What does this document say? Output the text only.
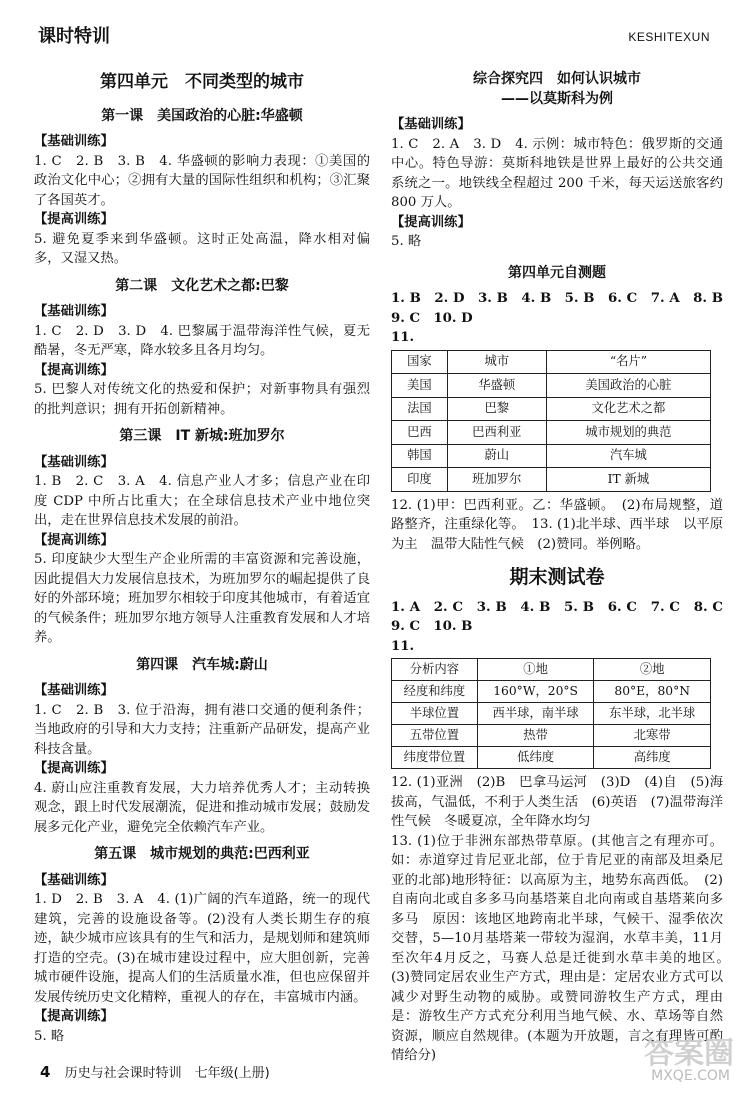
课时特训	KESHITEXUN
第四单元　不同类型的城市
第一课　美国政治的心脏:华盛顿

【基础训练】

1. C　2. B　3. B　4. 华盛顿的影响力表现：①美国的政治文化中心；②拥有大量的国际性组织和机构；③汇聚了各国英才。

【提高训练】

5. 避免夏季来到华盛顿。这时正处高温，降水相对偏多，又湿又热。

第二课　文化艺术之都:巴黎

【基础训练】

1. C　2. D　3. D　4. 巴黎属于温带海洋性气候，夏无酷暑，冬无严寒，降水较多且各月均匀。

【提高训练】

5. 巴黎人对传统文化的热爱和保护；对新事物具有强烈的批判意识；拥有开拓创新精神。

第三课　IT 新城:班加罗尔

【基础训练】

1. B　2. C　3. A　4. 信息产业人才多；信息产业在印度 CDP 中所占比重大；在全球信息技术产业中地位突出，走在世界信息技术发展的前沿。

【提高训练】

5. 印度缺少大型生产企业所需的丰富资源和完善设施，因此提倡大力发展信息技术，为班加罗尔的崛起提供了良好的外部环境；班加罗尔相较于印度其他城市，有着适宜的气候条件；班加罗尔地方领导人注重教育发展和人才培养。

第四课　汽车城:蔚山

【基础训练】

1. C　2. B　3. 位于沿海，拥有港口交通的便利条件；当地政府的引导和大力支持；注重新产品研发，提高产业科技含量。

【提高训练】

4. 蔚山应注重教育发展，大力培养优秀人才；主动转换观念，跟上时代发展潮流，促进和推动城市发展；鼓励发展多元化产业，避免完全依赖汽车产业。

第五课　城市规划的典范:巴西利亚

【基础训练】

1. D　2. B　3. A　4. (1)广阔的汽车道路，统一的现代建筑，完善的设施设备等。(2)没有人类长期生存的痕迹，缺少城市应该具有的生气和活力，是规划师和建筑师打造的空壳。(3)在城市建设过程中，应大胆创新，完善城市硬件设施，提高人们的生活质量水准，但也应保留并发展传统历史文化精粹，重视人的存在，丰富城市内涵。

【提高训练】

5. 略

综合探究四　如何认识城市
——以莫斯科为例

【基础训练】

1. C　2. A　3. D　4. 示例：城市特色：俄罗斯的交通中心。特色导游：莫斯科地铁是世界上最好的公共交通系统之一。地铁线全程超过 200 千米，每天运送旅客约 800 万人。

【提高训练】

5. 略

第四单元自测题

1. B　2. D　3. B　4. B　5. B　6. C　7. A　8. B　9. C　10. D

11.

国家	城市	“名片”
美国	华盛顿	美国政治的心脏
法国	巴黎	文化艺术之都
巴西	巴西利亚	城市规划的典范
韩国	蔚山	汽车城
印度	班加罗尔	IT 新城

12. (1)甲：巴西利亚。乙：华盛顿。　(2)布局规整，道路整齐，注重绿化等。　13. (1)北半球、西半球　以平原为主　温带大陆性气候　(2)赞同。举例略。

期末测试卷

1. A　2. C　3. B　4. B　5. B　6. C　7. C　8. C　9. C　10. B

11.

分析内容	①地	②地
经度和纬度	160°W，20°S	80°E，80°N
半球位置	西半球，南半球	东半球，北半球
五带位置	热带	北寒带
纬度带位置	低纬度	高纬度

12. (1)亚洲　(2)B　巴拿马运河　(3)D　(4)自　(5)海拔高，气温低，不利于人类生活　(6)英语　(7)温带海洋性气候　冬暖夏凉，全年降水均匀

13. (1)位于非洲东部热带草原。(其他言之有理亦可。如：赤道穿过肯尼亚北部，位于肯尼亚的南部及坦桑尼亚的北部)地形特征：以高原为主，地势东高西低。　(2)自南向北或自多多马向基塔莱自北向南或自基塔莱向多多马　原因：该地区地跨南北半球，气候干、湿季依次交替，5—10月基塔莱一带较为湿润，水草丰美，11月至次年4月反之，马赛人总是迁徙到水草丰美的地区。　(3)赞同定居农业生产方式，理由是：定居农业方式可以减少对野生动物的威胁。或赞同游牧生产方式，理由是：游牧生产方式充分利用当地气候、水、草场等自然资源，顺应自然规律。(本题为开放题，言之有理皆可酌情给分)

4 历史与社会课时特训　七年级(上册)
答案圈
MXQE.COM
